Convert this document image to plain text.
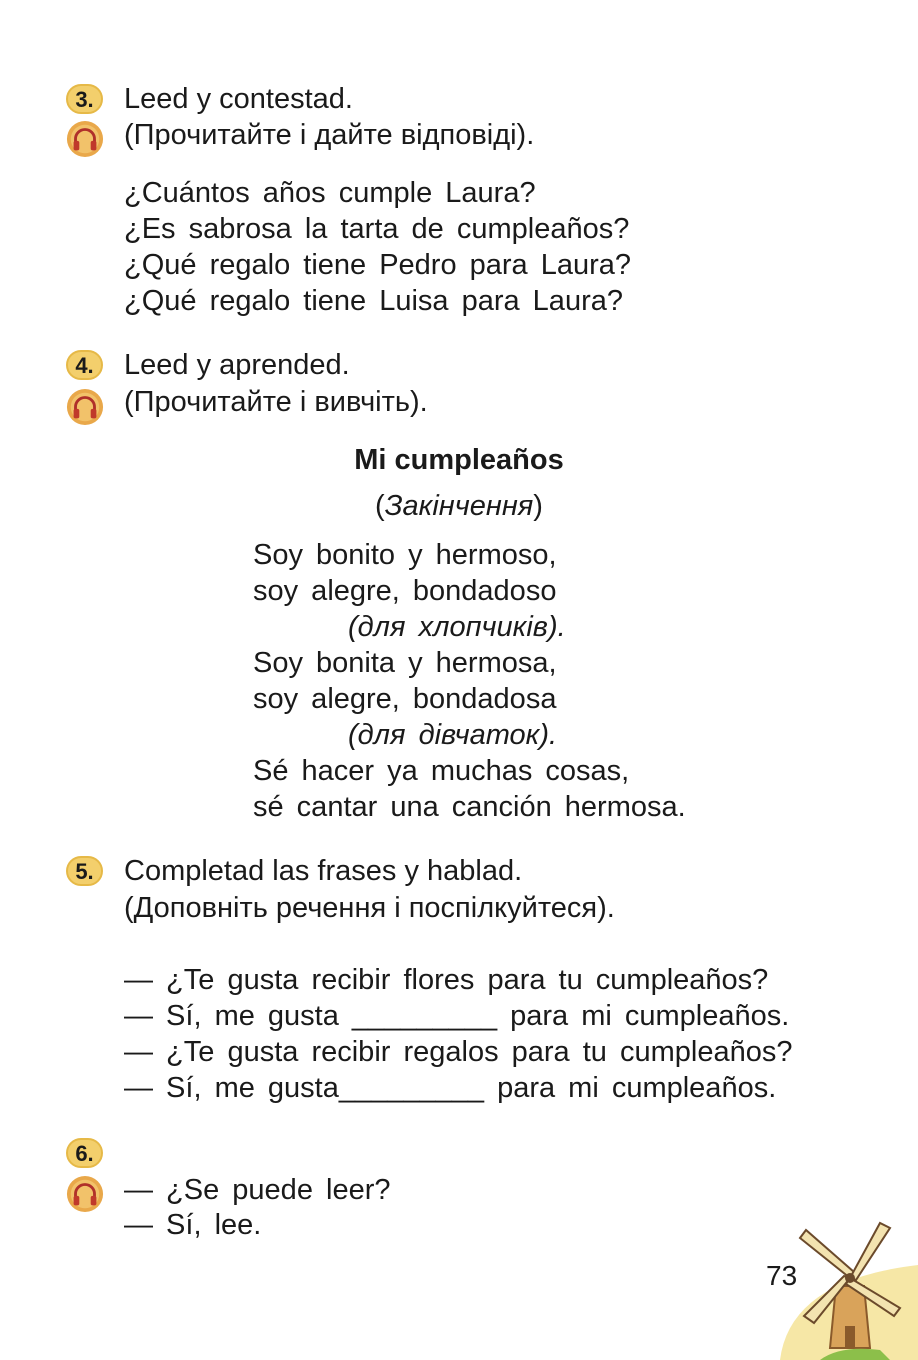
3.	Leed y contestad.

(Прочитайте і дайте відповіді).

¿Cuántos años cumple Laura?

¿Es sabrosa la tarta de cumpleaños?

¿Qué regalo tiene Pedro para Laura?

¿Qué regalo tiene Luisa para Laura?

4.	Leed y aprended.

(Прочитайте і вивчіть).

Mi cumpleaños

(Закінчення)

Soy bonito y hermoso,

soy alegre, bondadoso

(для хлопчиків).

Soy bonita y hermosa,

soy alegre, bondadosa

(для дівчаток).

Sé hacer ya muchas cosas,

sé cantar una canción hermosa.

5.	Completad las frases y hablad.

(Доповніть речення і поспілкуйтеся).

— ¿Te gusta recibir flores para tu cumpleaños?

— Sí, me gusta _________ para mi cumpleaños.

— ¿Te gusta recibir regalos para tu cumpleaños?

— Sí, me gusta_________ para mi cumpleaños.

6.

— ¿Se puede leer?

— Sí, lee.

73
